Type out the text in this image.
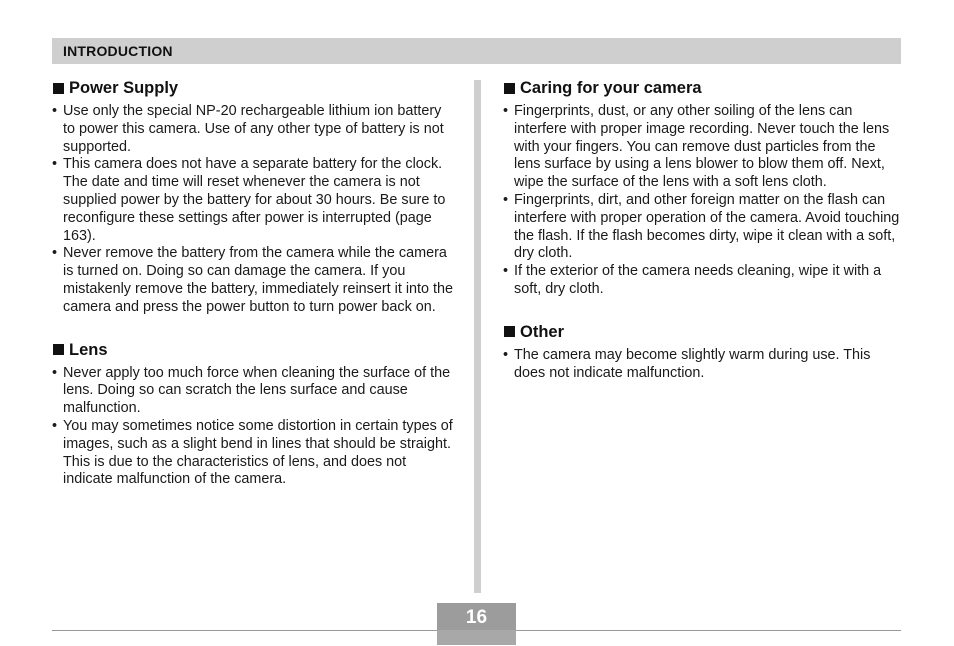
INTRODUCTION
Power Supply
• Use only the special NP-20 rechargeable lithium ion battery to power this camera. Use of any other type of battery is not supported.
• This camera does not have a separate battery for the clock. The date and time will reset whenever the camera is not supplied power by the battery for about 30 hours. Be sure to reconfigure these settings after power is interrupted (page 163).
• Never remove the battery from the camera while the camera is turned on. Doing so can damage the camera. If you mistakenly remove the battery, immediately reinsert it into the camera and press the power button to turn power back on.
Lens
• Never apply too much force when cleaning the surface of the lens. Doing so can scratch the lens surface and cause malfunction.
• You may sometimes notice some distortion in certain types of images, such as a slight bend in lines that should be straight. This is due to the characteristics of lens, and does not indicate malfunction of the camera.
Caring for your camera
• Fingerprints, dust, or any other soiling of the lens can interfere with proper image recording. Never touch the lens with your fingers. You can remove dust particles from the lens surface by using a lens blower to blow them off. Next, wipe the surface of the lens with a soft lens cloth.
• Fingerprints, dirt, and other foreign matter on the flash can interfere with proper operation of the camera. Avoid touching the flash. If the flash becomes dirty, wipe it clean with a soft, dry cloth.
• If the exterior of the camera needs cleaning, wipe it with a soft, dry cloth.
Other
• The camera may become slightly warm during use. This does not indicate malfunction.
16
